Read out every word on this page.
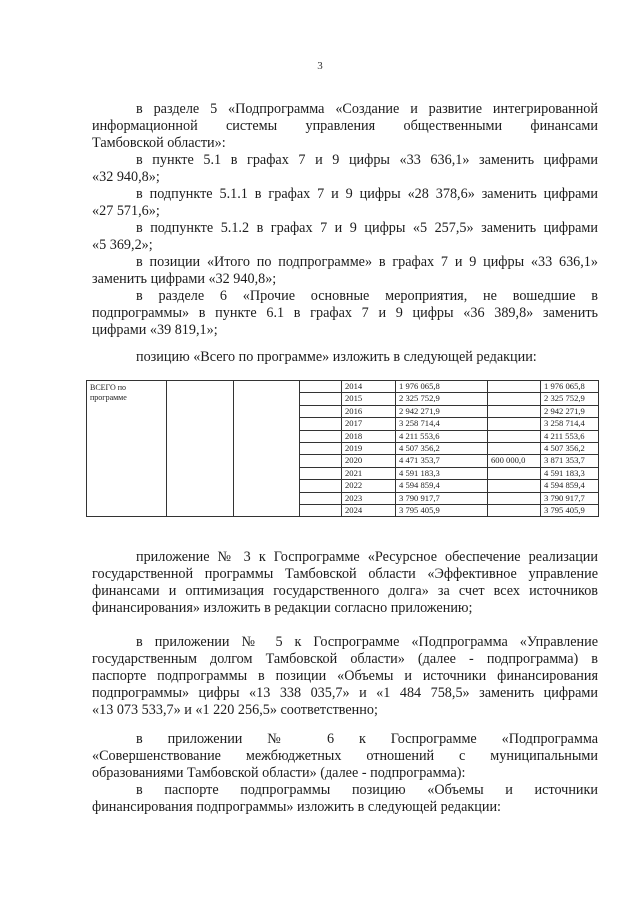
3
в разделе 5 «Подпрограмма «Создание и развитие интегрированной
информационной системы управления общественными финансами
Тамбовской области»:
в пункте 5.1 в графах 7 и 9 цифры «33 636,1» заменить цифрами
«32 940,8»;
в подпункте 5.1.1 в графах 7 и 9 цифры «28 378,6» заменить цифрами
«27 571,6»;
в подпункте 5.1.2 в графах 7 и 9 цифры «5 257,5» заменить цифрами
«5 369,2»;
в позиции «Итого по подпрограмме» в графах 7 и 9 цифры «33 636,1»
заменить цифрами «32 940,8»;
в разделе 6 «Прочие основные мероприятия, не вошедшие в
подпрограммы» в пункте 6.1 в графах 7 и 9 цифры «36 389,8» заменить
цифрами «39 819,1»;
позицию «Всего по программе» изложить в следующей редакции:
ВСЕГО по программе				2014	1 976 065,8		1 976 065,8
				2015	2 325 752,9		2 325 752,9
				2016	2 942 271,9		2 942 271,9
				2017	3 258 714,4		3 258 714,4
				2018	4 211 553,6		4 211 553,6
				2019	4 507 356,2		4 507 356,2
				2020	4 471 353,7	600 000,0	3 871 353,7
				2021	4 591 183,3		4 591 183,3
				2022	4 594 859,4		4 594 859,4
				2023	3 790 917,7		3 790 917,7
				2024	3 795 405,9		3 795 405,9
приложение № 3 к Госпрограмме «Ресурсное обеспечение реализации
государственной программы Тамбовской области «Эффективное управление
финансами и оптимизация государственного долга» за счет всех источников
финансирования» изложить в редакции согласно приложению;
в приложении № 5 к Госпрограмме «Подпрограмма «Управление
государственным долгом Тамбовской области» (далее - подпрограмма) в
паспорте подпрограммы в позиции «Объемы и источники финансирования
подпрограммы» цифры «13 338 035,7» и «1 484 758,5» заменить цифрами
«13 073 533,7» и «1 220 256,5» соответственно;
в приложении № 6 к Госпрограмме «Подпрограмма
«Совершенствование межбюджетных отношений с муниципальными
образованиями Тамбовской области» (далее - подпрограмма):
в паспорте подпрограммы позицию «Объемы и источники
финансирования подпрограммы» изложить в следующей редакции:
